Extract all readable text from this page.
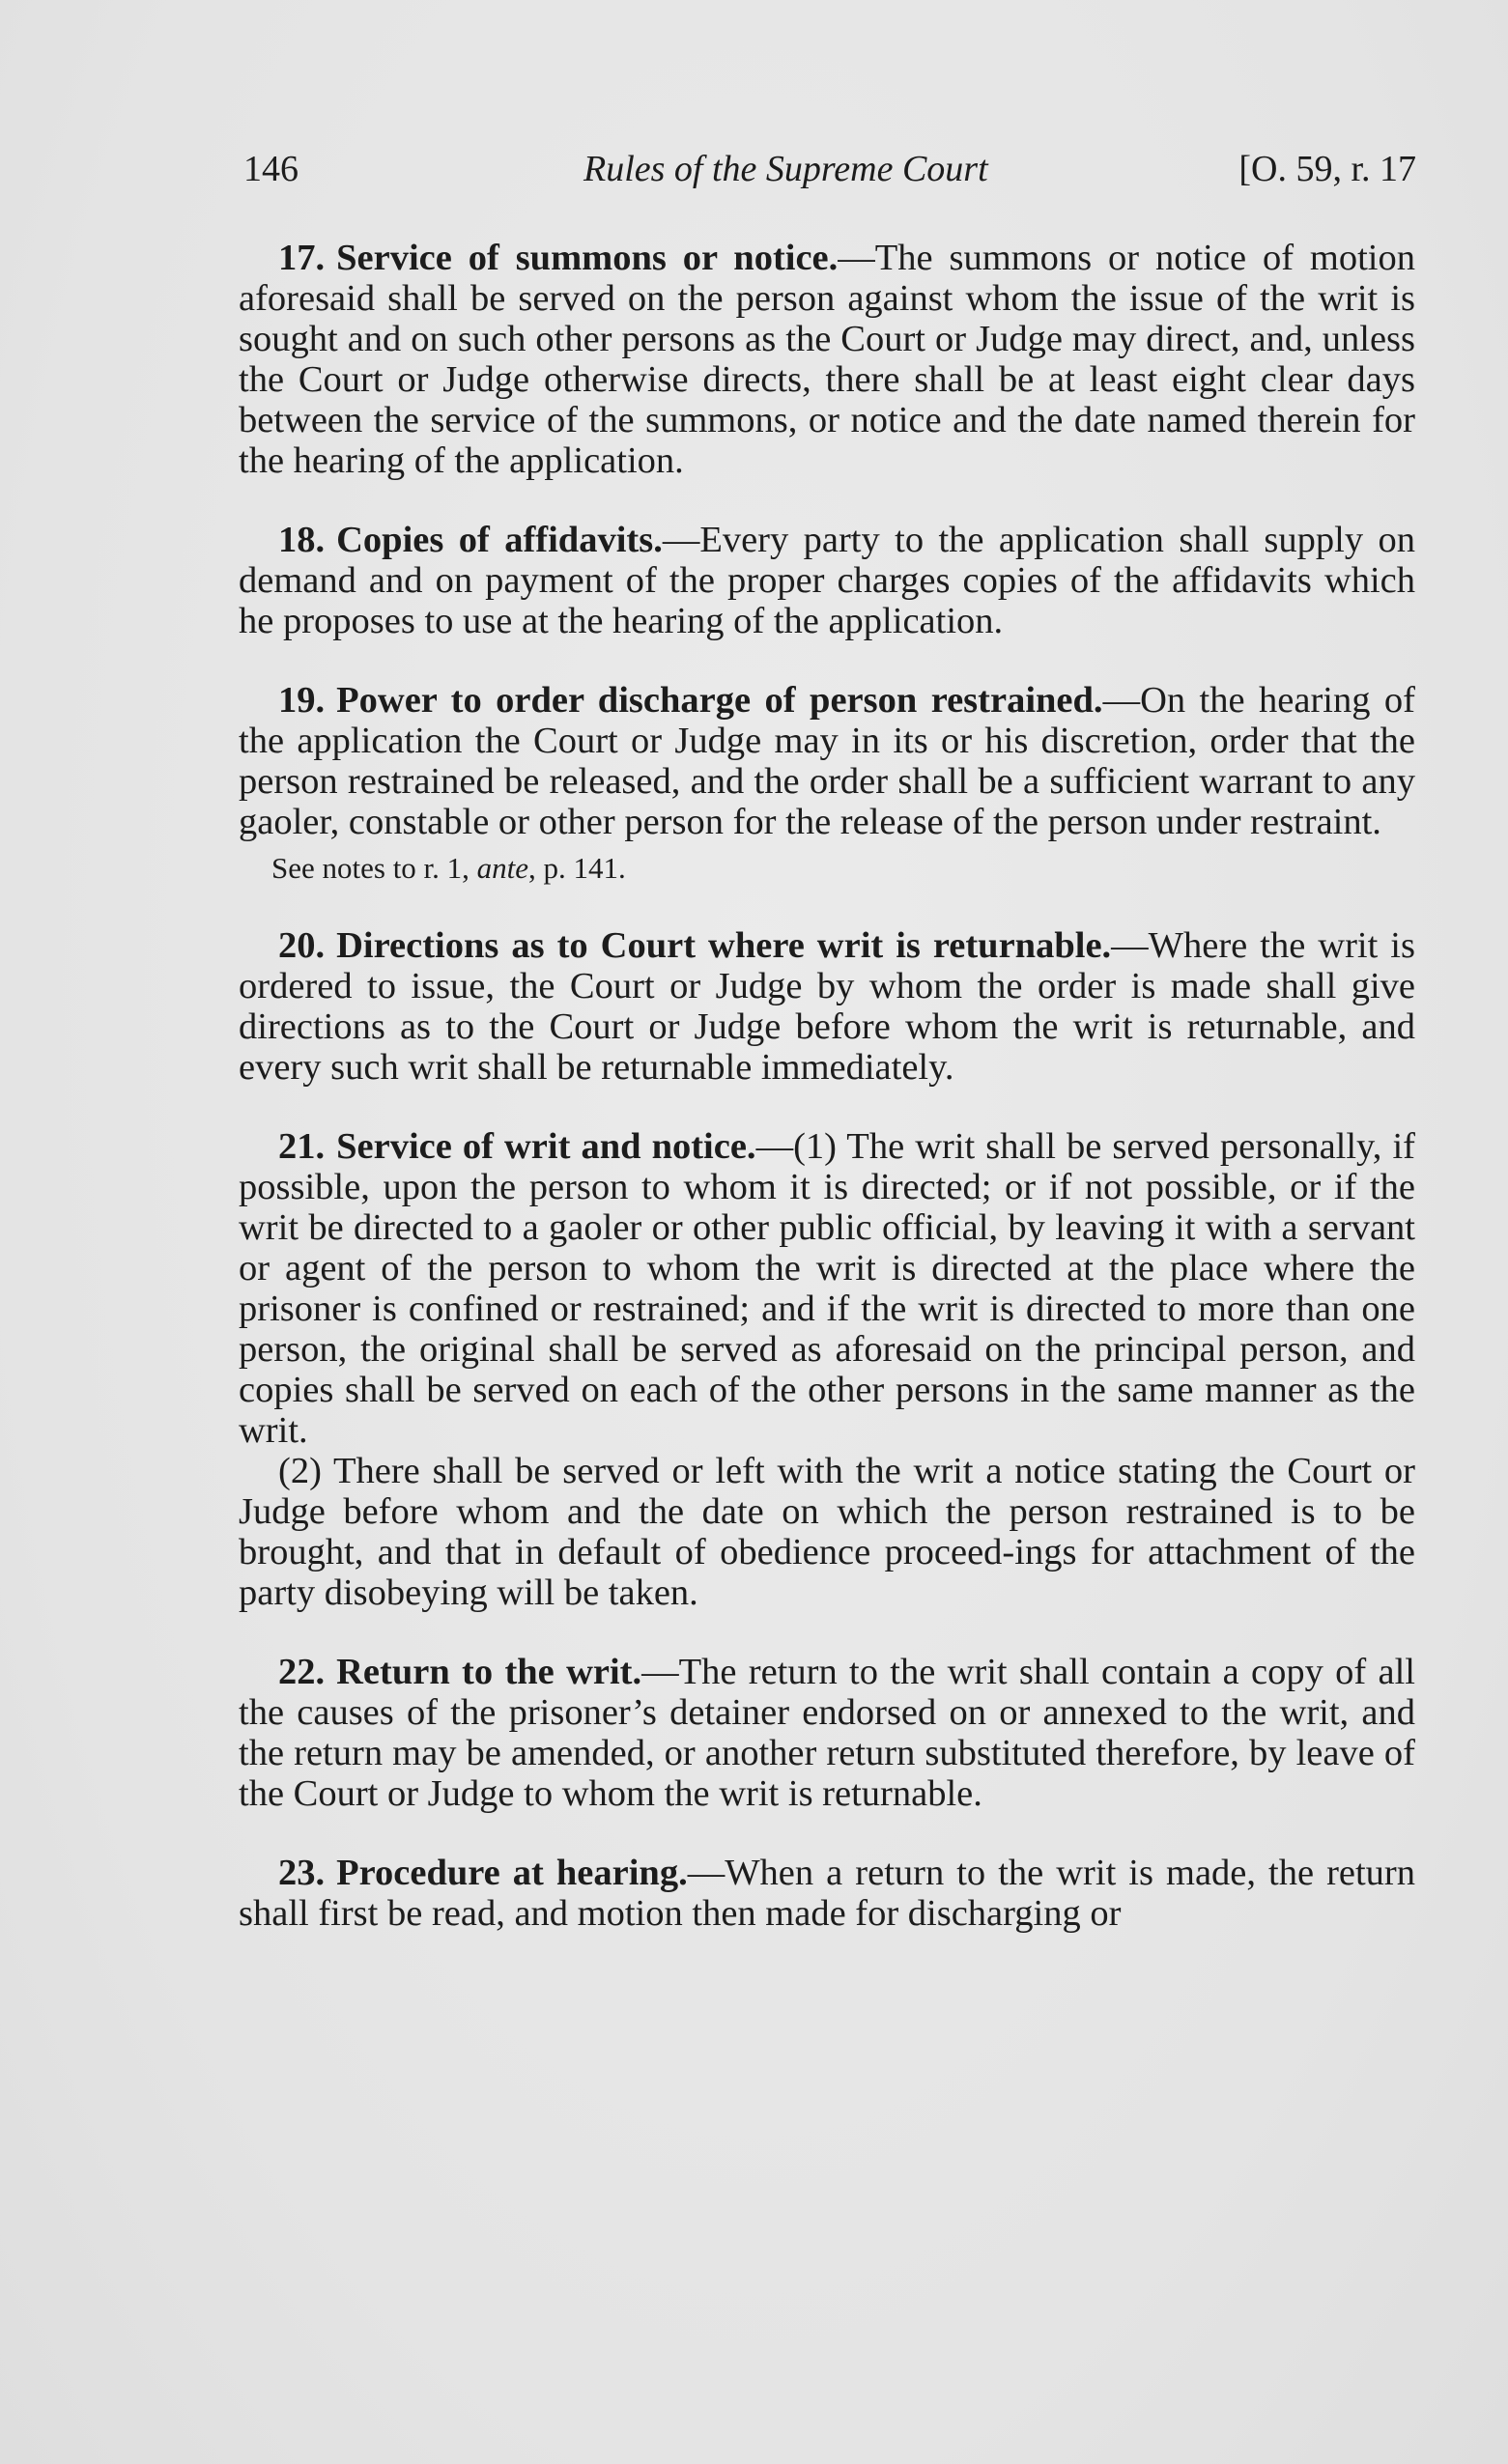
146	Rules of the Supreme Court	[O. 59, r. 17

17. Service of summons or notice.—The summons or notice of motion aforesaid shall be served on the person against whom the issue of the writ is sought and on such other persons as the Court or Judge may direct, and, unless the Court or Judge otherwise directs, there shall be at least eight clear days between the service of the summons, or notice and the date named therein for the hearing of the application.

18. Copies of affidavits.—Every party to the application shall supply on demand and on payment of the proper charges copies of the affidavits which he proposes to use at the hearing of the application.

19. Power to order discharge of person restrained.—On the hearing of the application the Court or Judge may in its or his discretion, order that the person restrained be released, and the order shall be a sufficient warrant to any gaoler, constable or other person for the release of the person under restraint.

See notes to r. 1, ante, p. 141.

20. Directions as to Court where writ is returnable.—Where the writ is ordered to issue, the Court or Judge by whom the order is made shall give directions as to the Court or Judge before whom the writ is returnable, and every such writ shall be returnable immediately.

21. Service of writ and notice.—(1) The writ shall be served personally, if possible, upon the person to whom it is directed; or if not possible, or if the writ be directed to a gaoler or other public official, by leaving it with a servant or agent of the person to whom the writ is directed at the place where the prisoner is confined or restrained; and if the writ is directed to more than one person, the original shall be served as aforesaid on the principal person, and copies shall be served on each of the other persons in the same manner as the writ.

(2) There shall be served or left with the writ a notice stating the Court or Judge before whom and the date on which the person restrained is to be brought, and that in default of obedience proceed-ings for attachment of the party disobeying will be taken.

22. Return to the writ.—The return to the writ shall contain a copy of all the causes of the prisoner’s detainer endorsed on or annexed to the writ, and the return may be amended, or another return substituted therefore, by leave of the Court or Judge to whom the writ is returnable.

23. Procedure at hearing.—When a return to the writ is made, the return shall first be read, and motion then made for discharging or
